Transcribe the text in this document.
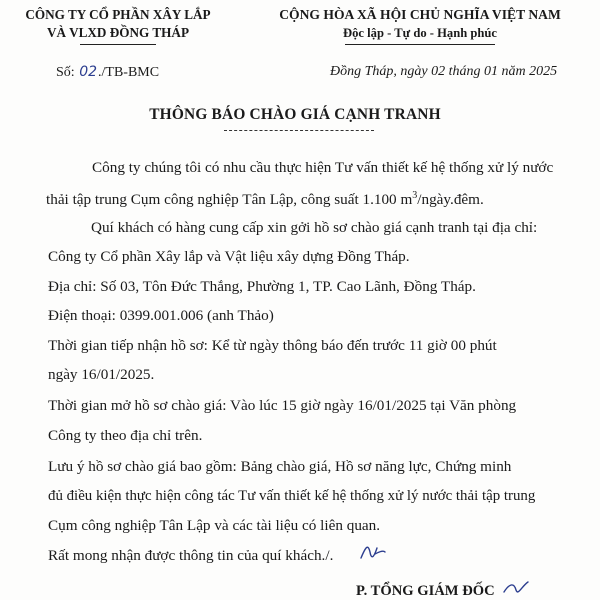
CÔNG TY CỔ PHẦN XÂY LẮP
VÀ VLXD ĐỒNG THÁP
CỘNG HÒA XÃ HỘI CHỦ NGHĨA VIỆT NAM
Độc lập - Tự do - Hạnh phúc
Số: 02./TB-BMC	Đồng Tháp, ngày 02 tháng 01 năm 2025
THÔNG BÁO CHÀO GIÁ CẠNH TRANH
Công ty chúng tôi có nhu cầu thực hiện Tư vấn thiết kế hệ thống xử lý nước
thải tập trung Cụm công nghiệp Tân Lập, công suất 1.100 $m^3/ngày.đêm$.
Quí khách có hàng cung cấp xin gởi hồ sơ chào giá cạnh tranh tại địa chỉ:
Công ty Cổ phần Xây lắp và Vật liệu xây dựng Đồng Tháp.
Địa chỉ: Số 03, Tôn Đức Thắng, Phường 1, TP. Cao Lãnh, Đồng Tháp.
Điện thoại: 0399.001.006 (anh Thảo)
Thời gian tiếp nhận hồ sơ: Kể từ ngày thông báo đến trước 11 giờ 00 phút
ngày 16/01/2025.
Thời gian mở hồ sơ chào giá: Vào lúc 15 giờ ngày 16/01/2025 tại Văn phòng
Công ty theo địa chỉ trên.
Lưu ý hồ sơ chào giá bao gồm: Bảng chào giá, Hồ sơ năng lực, Chứng minh
đủ điều kiện thực hiện công tác Tư vấn thiết kế hệ thống xử lý nước thải tập trung
Cụm công nghiệp Tân Lập và các tài liệu có liên quan.
Rất mong nhận được thông tin của quí khách./.
P. TỔNG GIÁM ĐỐC
